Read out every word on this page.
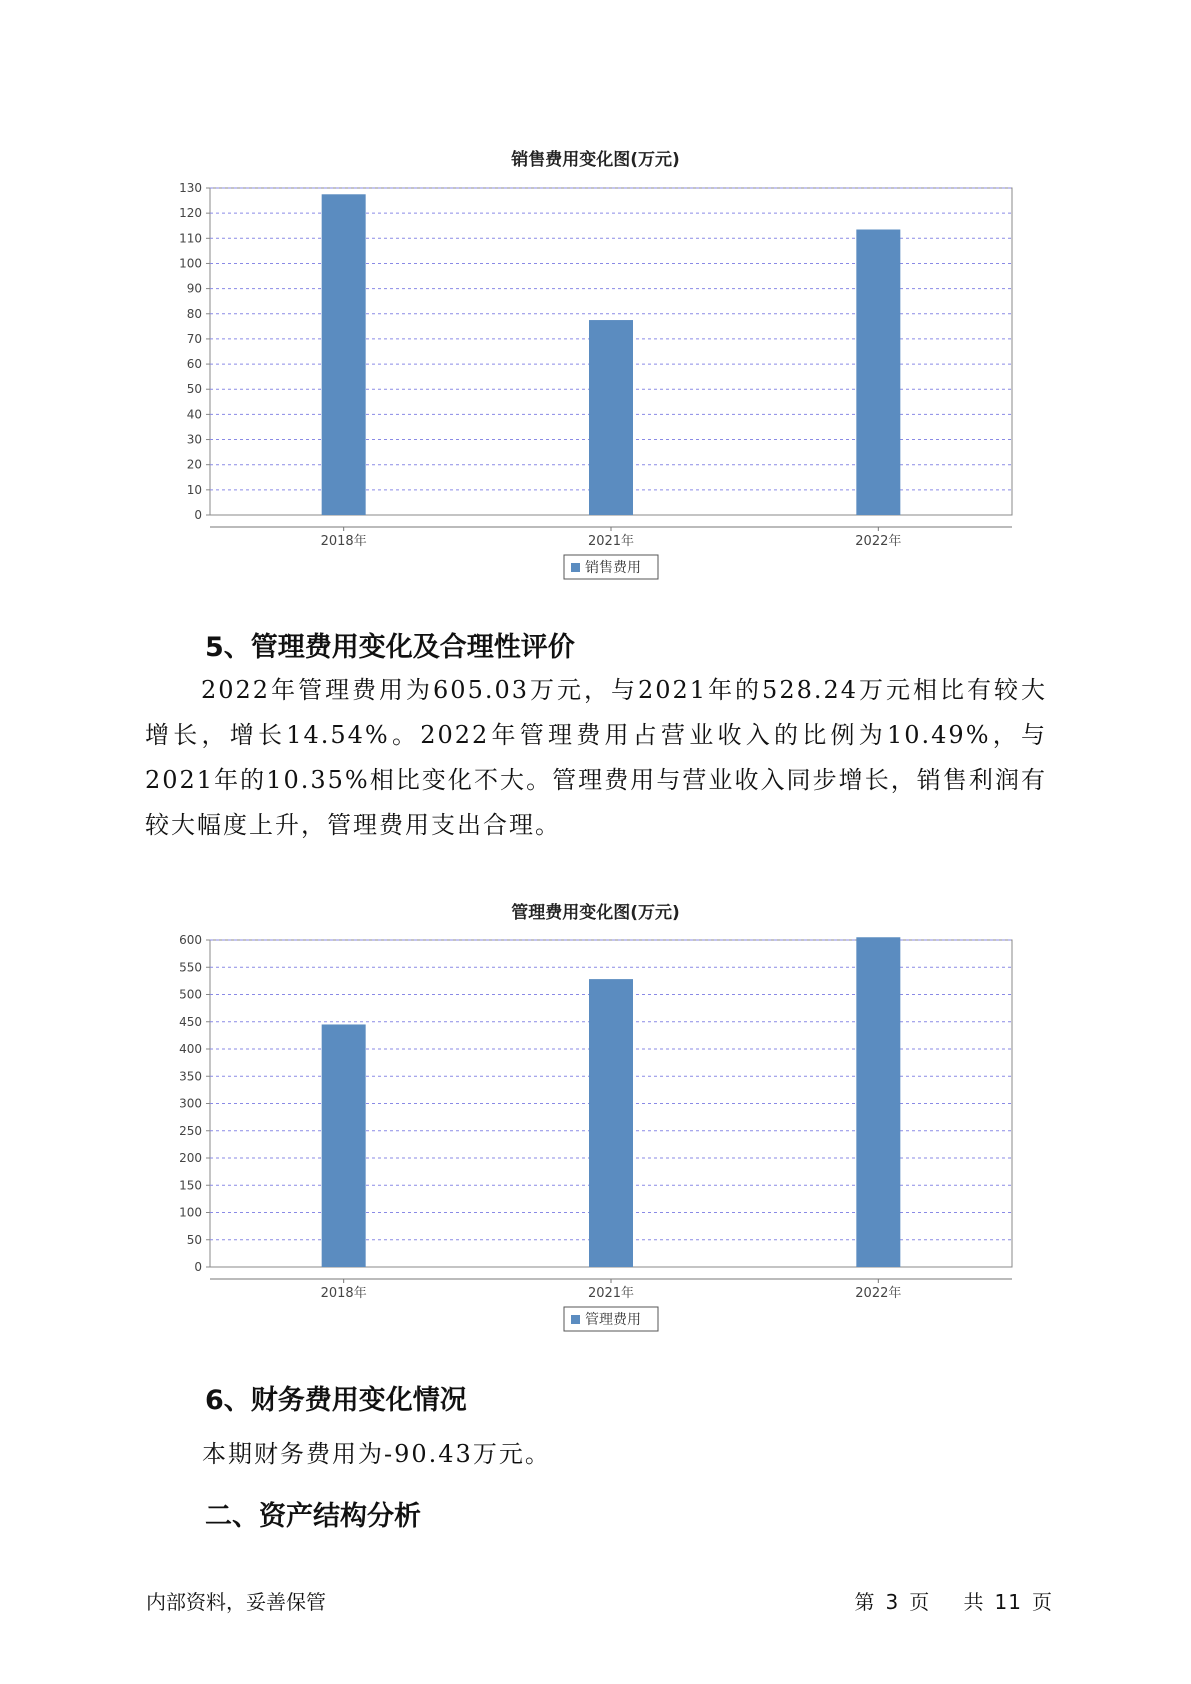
销售费用变化图(万元)
0
10
20
30
40
50
60
70
80
90
100
110
120
130
2018年	2021年	2022年
销售费用
5、管理费用变化及合理性评价
2022年管理费用为605.03万元，与2021年的528.24万元相比有较大增长，增长14.54%。2022年管理费用占营业收入的比例为10.49%，与2021年的10.35%相比变化不大。管理费用与营业收入同步增长，销售利润有较大幅度上升，管理费用支出合理。
管理费用变化图(万元)
0
50
100
150
200
250
300
350
400
450
500
550
600
2018年	2021年	2022年
管理费用
6、财务费用变化情况
本期财务费用为-90.43万元。
二、资产结构分析
内部资料，妥善保管	第 3 页 共 11 页
